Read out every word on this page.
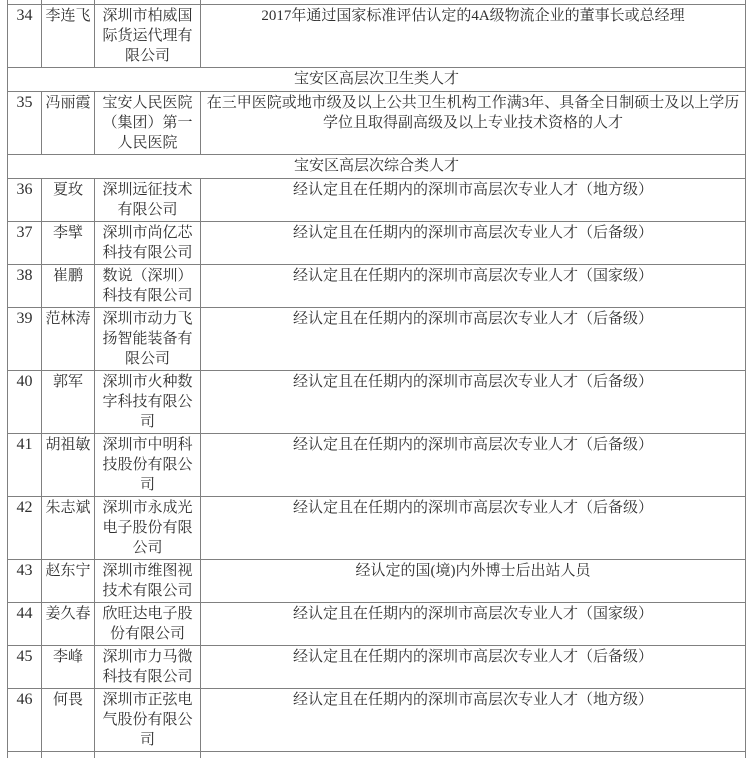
34	李连飞	深圳市柏威国际货运代理有限公司	2017年通过国家标准评估认定的4A级物流企业的董事长或总经理
宝安区高层次卫生类人才			
35	冯丽霞	宝安人民医院（集团）第一人民医院	在三甲医院或地市级及以上公共卫生机构工作满3年、具备全日制硕士及以上学历学位且取得副高级及以上专业技术资格的人才
宝安区高层次综合类人才			
36	夏玫	深圳远征技术有限公司	经认定且在任期内的深圳市高层次专业人才（地方级）
37	李擘	深圳市尚亿芯科技有限公司	经认定且在任期内的深圳市高层次专业人才（后备级）
38	崔鹏	数说（深圳）科技有限公司	经认定且在任期内的深圳市高层次专业人才（国家级）
39	范林涛	深圳市动力飞扬智能装备有限公司	经认定且在任期内的深圳市高层次专业人才（后备级）
40	郭军	深圳市火种数字科技有限公司	经认定且在任期内的深圳市高层次专业人才（后备级）
41	胡祖敏	深圳市中明科技股份有限公司	经认定且在任期内的深圳市高层次专业人才（后备级）
42	朱志斌	深圳市永成光电子股份有限公司	经认定且在任期内的深圳市高层次专业人才（后备级）
43	赵东宁	深圳市维图视技术有限公司	经认定的国(境)内外博士后出站人员
44	姜久春	欣旺达电子股份有限公司	经认定且在任期内的深圳市高层次专业人才（国家级）
45	李峰	深圳市力马微科技有限公司	经认定且在任期内的深圳市高层次专业人才（后备级）
46	何畏	深圳市正弦电气股份有限公司	经认定且在任期内的深圳市高层次专业人才（地方级）
